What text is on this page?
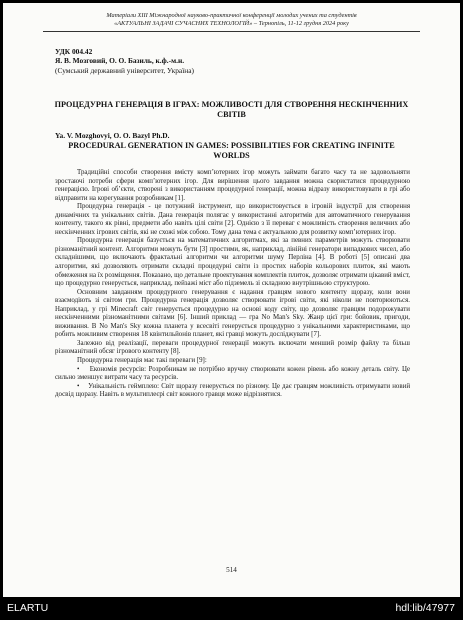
Матеріали XIII Міжнародної науково-практичної конференції молодих учених та студентів
«АКТУАЛЬНІ ЗАДАЧІ СУЧАСНИХ ТЕХНОЛОГІЙ» – Тернопіль, 11-12 грудня 2024 року
УДК 004.42
Я. В. Мозговий, О. О. Базиль, к.ф.-м.н.
(Сумський державний університет, Україна)
ПРОЦЕДУРНА ГЕНЕРАЦІЯ В ІГРАХ: МОЖЛИВОСТІ ДЛЯ СТВОРЕННЯ НЕСКІНЧЕННИХ СВІТІВ
Ya. V. Mozghovyi, O. O. Bazyl Ph.D.
PROCEDURAL GENERATION IN GAMES: POSSIBILITIES FOR CREATING INFINITE WORLDS

Традиційні способи створення вмісту комп’ютерних ігор можуть займати багато часу та не задовольняти зростаючі потреби сфери комп’ютерних ігор. Для вирішення цього завдання можна скористатися процедурною генерацією. Ігрові об’єкти, створені з використанням процедурної генерації, можна відразу використовувати в грі або відправити на корегування розробникам [1].

Процедурна генерація - це потужний інструмент, що використовується в ігровій індустрії для створення динамічних та унікальних світів. Дана генерація полягає у використанні алгоритмів для автоматичного генерування контенту, такого як рівні, предмети або навіть цілі світи [2]. Однією з її переваг є можливість створення величних або нескінченних ігрових світів, які не схожі між собою. Тому дана тема є актуальною для розвитку комп’ютерних ігор.

Процедурна генерація базується на математичних алгоритмах, які за певних параметрів можуть створювати різноманітний контент. Алгоритми можуть бути [3] простими, як, наприклад, лінійні генератори випадкових чисел, або складнішими, що включають фрактальні алгоритми чи алгоритми шуму Перліна [4]. В роботі [5] описані два алгоритми, які дозволяють отримати складні процедурні світи із простих наборів кольорових плиток, які мають обмеження на їх розміщення. Показано, що детальне проектування комплектів плиток, дозволяє отримати цікавий вміст, що процедурно генерується, наприклад, пейзажі міст або підземель зі складною внутрішньою структурою.

Основним завданням процедурного генерування є надання гравцям нового контенту щоразу, коли вони взаємодіють зі світом гри. Процедурна генерація дозволяє створювати ігрові світи, які ніколи не повторюються. Наприклад, у грі Minecraft світ генерується процедурно на основі коду світу, що дозволяє гравцям подорожувати нескінченними різноманітними світами [6]. Інший приклад — гра No Man's Sky. Жанр цієї гри: бойовик, пригоди, виживання. В No Man's Sky кожна планета у всесвіті генерується процедурно з унікальними характеристиками, що робить можливим створення 18 квінтильйонів планет, які гравці можуть досліджувати [7].

Залежно від реалізації, переваги процедурної генерації можуть включати менший розмір файлу та більш різноманітний обсяг ігрового контенту [8].

Процедурна генерація має такі переваги [9]:

•    Економія ресурсів: Розробникам не потрібно вручну створювати кожен рівень або кожну деталь світу. Це сильно зменшує витрати часу та ресурсів.
•    Унікальність геймплею: Світ щоразу генерується по різному. Це дає гравцям можливість отримувати новий досвід щоразу. Навіть в мультиплеєрі світ кожного гравця може відрізнятися.
514
ELARTU	hdl:lib/47977
